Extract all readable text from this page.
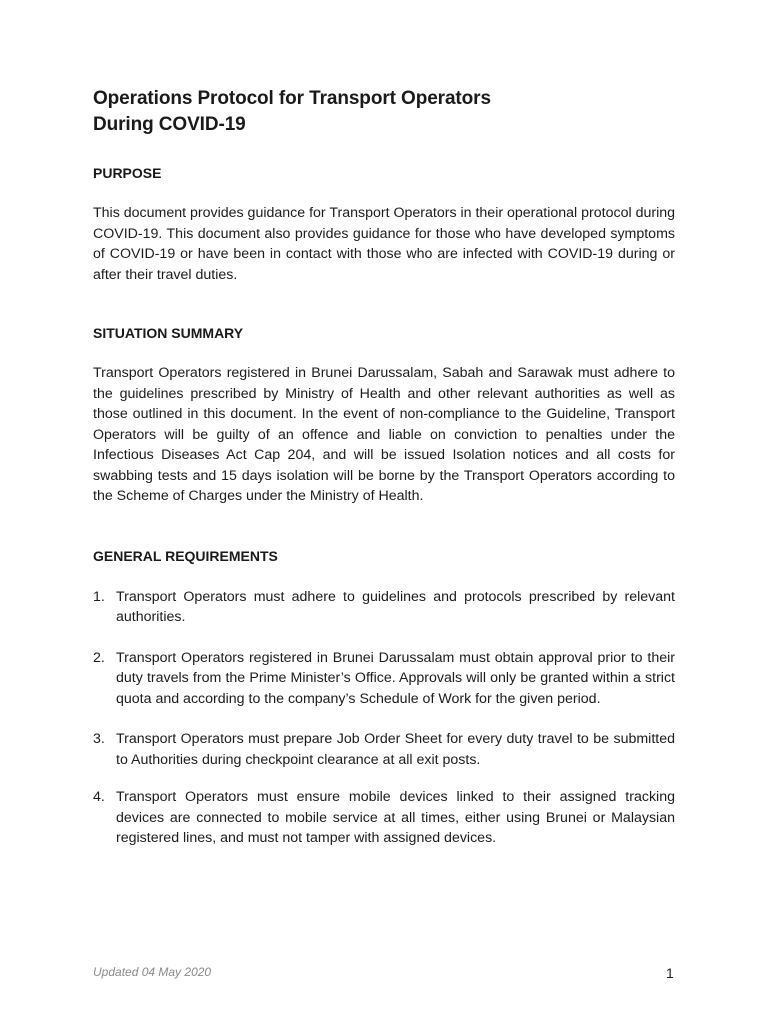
Operations Protocol for Transport Operators
During COVID-19
PURPOSE

This document provides guidance for Transport Operators in their operational protocol during COVID-19. This document also provides guidance for those who have developed symptoms of COVID-19 or have been in contact with those who are infected with COVID-19 during or after their travel duties.

SITUATION SUMMARY

Transport Operators registered in Brunei Darussalam, Sabah and Sarawak must adhere to the guidelines prescribed by Ministry of Health and other relevant authorities as well as those outlined in this document. In the event of non-compliance to the Guideline, Transport Operators will be guilty of an offence and liable on conviction to penalties under the Infectious Diseases Act Cap 204, and will be issued Isolation notices and all costs for swabbing tests and 15 days isolation will be borne by the Transport Operators according to the Scheme of Charges under the Ministry of Health.

GENERAL REQUIREMENTS
1. Transport Operators must adhere to guidelines and protocols prescribed by relevant authorities.
2. Transport Operators registered in Brunei Darussalam must obtain approval prior to their duty travels from the Prime Minister’s Office. Approvals will only be granted within a strict quota and according to the company’s Schedule of Work for the given period.
3. Transport Operators must prepare Job Order Sheet for every duty travel to be submitted to Authorities during checkpoint clearance at all exit posts.
4. Transport Operators must ensure mobile devices linked to their assigned tracking devices are connected to mobile service at all times, either using Brunei or Malaysian registered lines, and must not tamper with assigned devices.
Updated 04 May 2020	1
